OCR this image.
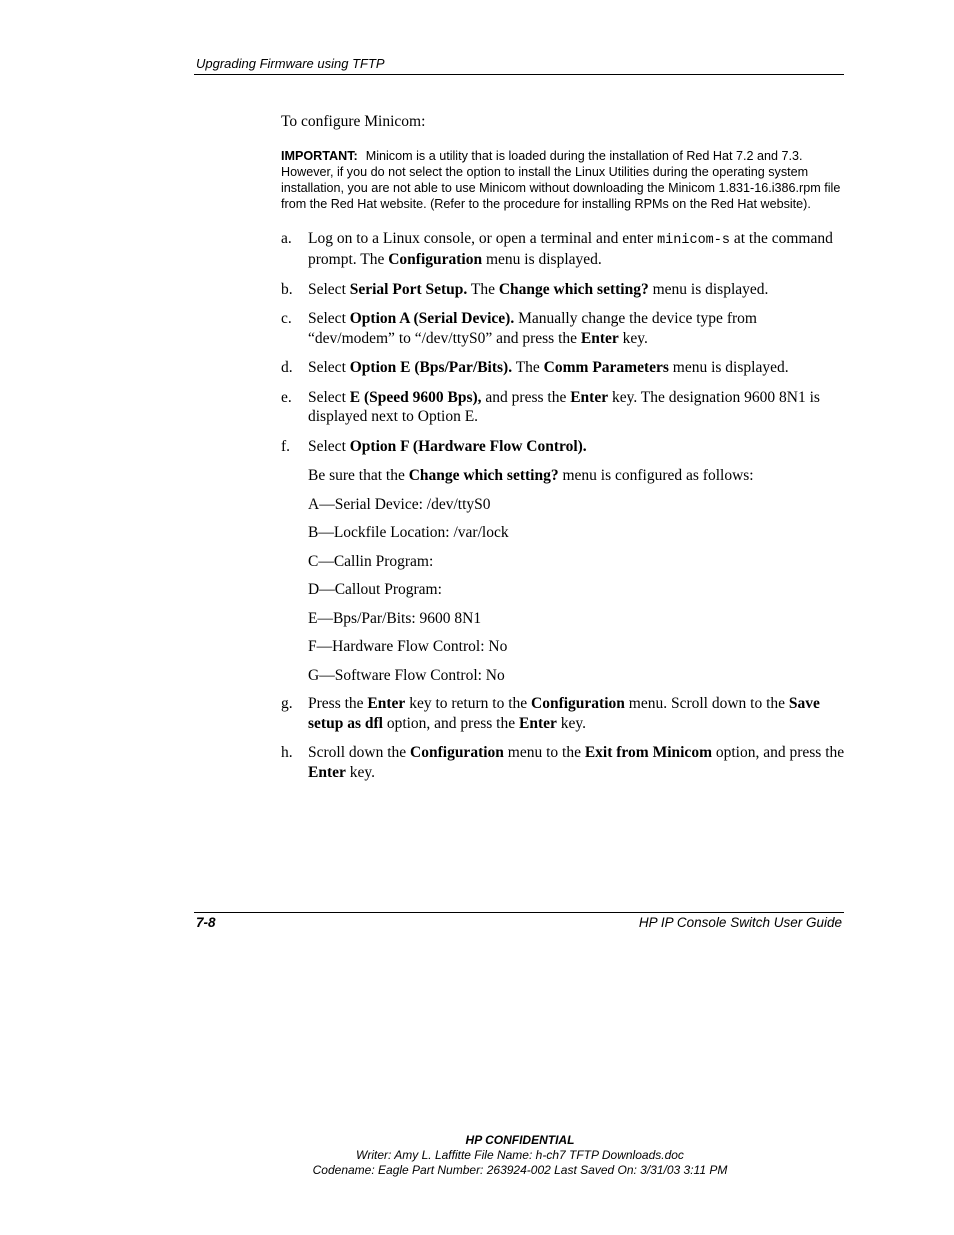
Upgrading Firmware using TFTP

To configure Minicom:

IMPORTANT: Minicom is a utility that is loaded during the installation of Red Hat 7.2 and 7.3. However, if you do not select the option to install the Linux Utilities during the operating system installation, you are not able to use Minicom without downloading the Minicom 1.831-16.i386.rpm file from the Red Hat website. (Refer to the procedure for installing RPMs on the Red Hat website).

a. Log on to a Linux console, or open a terminal and enter minicom-s at the command prompt. The Configuration menu is displayed.
b. Select Serial Port Setup. The Change which setting? menu is displayed.
c. Select Option A (Serial Device). Manually change the device type from “dev/modem” to “/dev/ttyS0” and press the Enter key.
d. Select Option E (Bps/Par/Bits). The Comm Parameters menu is displayed.
e. Select E (Speed 9600 Bps), and press the Enter key. The designation 9600 8N1 is displayed next to Option E.
f. Select Option F (Hardware Flow Control).

Be sure that the Change which setting? menu is configured as follows:

A—Serial Device: /dev/ttyS0

B—Lockfile Location: /var/lock

C—Callin Program:

D—Callout Program:

E—Bps/Par/Bits: 9600 8N1

F—Hardware Flow Control: No

G—Software Flow Control: No

g. Press the Enter key to return to the Configuration menu. Scroll down to the Save setup as dfl option, and press the Enter key.
h. Scroll down the Configuration menu to the Exit from Minicom option, and press the Enter key.
7-8	HP IP Console Switch User Guide
HP CONFIDENTIAL
Writer: Amy L. Laffitte File Name: h-ch7 TFTP Downloads.doc
Codename: Eagle Part Number: 263924-002 Last Saved On: 3/31/03 3:11 PM
